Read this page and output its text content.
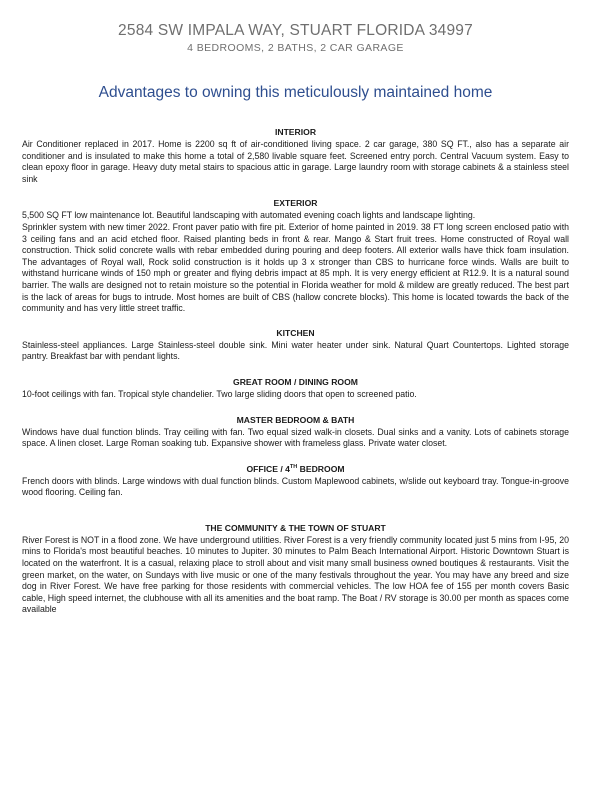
2584 SW IMPALA WAY, STUART FLORIDA 34997
4 BEDROOMS, 2 BATHS, 2 CAR GARAGE
Advantages to owning this meticulously maintained home
INTERIOR

Air Conditioner replaced in 2017. Home is 2200 sq ft of air-conditioned living space. 2 car garage, 380 SQ FT., also has a separate air conditioner and is insulated to make this home a total of 2,580 livable square feet. Screened entry porch. Central Vacuum system. Easy to clean epoxy floor in garage. Heavy duty metal stairs to spacious attic in garage. Large laundry room with storage cabinets & a stainless steel sink

EXTERIOR

5,500 SQ FT low maintenance lot. Beautiful landscaping with automated evening coach lights and landscape lighting.

Sprinkler system with new timer 2022. Front paver patio with fire pit. Exterior of home painted in 2019. 38 FT long screen enclosed patio with 3 ceiling fans and an acid etched floor. Raised planting beds in front & rear. Mango & Start fruit trees. Home constructed of Royal wall construction. Thick solid concrete walls with rebar embedded during pouring and deep footers. All exterior walls have thick foam insulation. The advantages of Royal wall, Rock solid construction is it holds up 3 x stronger than CBS to hurricane force winds. Walls are built to withstand hurricane winds of 150 mph or greater and flying debris impact at 85 mph. It is very energy efficient at R12.9. It is a natural sound barrier. The walls are designed not to retain moisture so the potential in Florida weather for mold & mildew are greatly reduced. The best part is the lack of areas for bugs to intrude. Most homes are built of CBS (hallow concrete blocks). This home is located towards the back of the community and has very little street traffic.

KITCHEN

Stainless-steel appliances. Large Stainless-steel double sink. Mini water heater under sink. Natural Quart Countertops. Lighted storage pantry. Breakfast bar with pendant lights.

GREAT ROOM / DINING ROOM

10-foot ceilings with fan. Tropical style chandelier. Two large sliding doors that open to screened patio.

MASTER BEDROOM & BATH

Windows have dual function blinds. Tray ceiling with fan. Two equal sized walk-in closets. Dual sinks and a vanity. Lots of cabinets storage space. A linen closet. Large Roman soaking tub. Expansive shower with frameless glass. Private water closet.

OFFICE / 4TH BEDROOM

French doors with blinds. Large windows with dual function blinds. Custom Maplewood cabinets, w/slide out keyboard tray. Tongue-in-groove wood flooring. Ceiling fan.

THE COMMUNITY & THE TOWN OF STUART

River Forest is NOT in a flood zone. We have underground utilities. River Forest is a very friendly community located just 5 mins from I-95, 20 mins to Florida's most beautiful beaches. 10 minutes to Jupiter. 30 minutes to Palm Beach International Airport. Historic Downtown Stuart is located on the waterfront. It is a casual, relaxing place to stroll about and visit many small business owned boutiques & restaurants. Visit the green market, on the water, on Sundays with live music or one of the many festivals throughout the year. You may have any breed and size dog in River Forest. We have free parking for those residents with commercial vehicles. The low HOA fee of 155 per month covers Basic cable, High speed internet, the clubhouse with all its amenities and the boat ramp. The Boat / RV storage is 30.00 per month as spaces come available
